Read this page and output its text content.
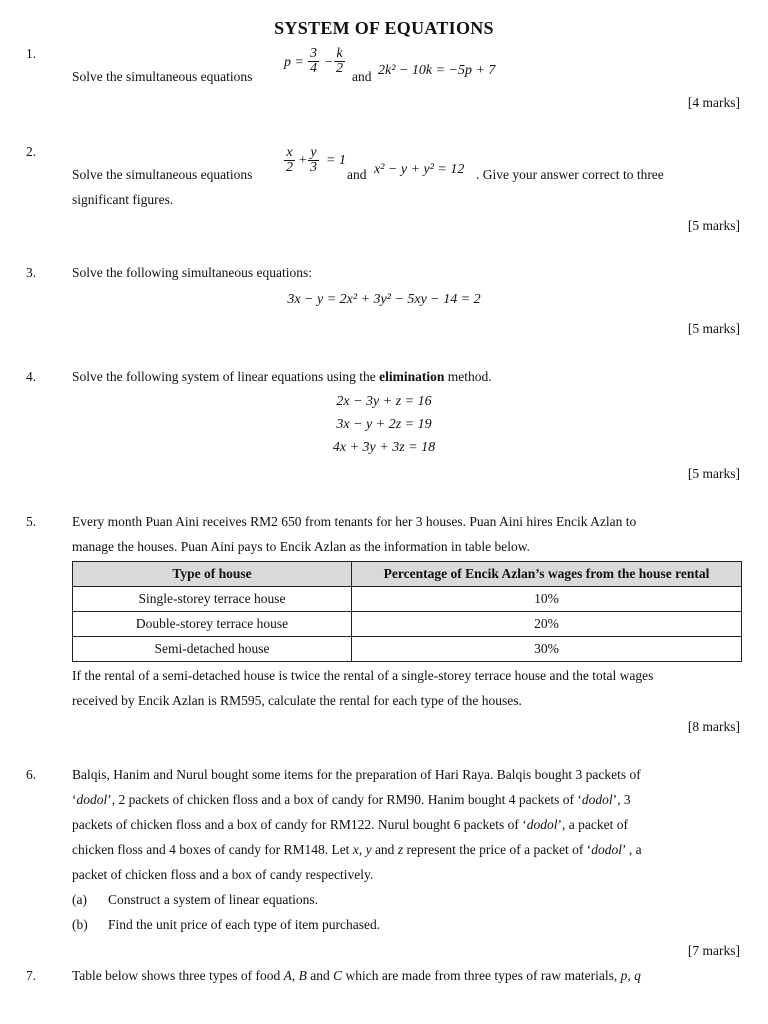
SYSTEM OF EQUATIONS
1.
Solve the simultaneous equations
$p = \frac{3}{4} - \frac{k}{2}$
and 2k² − 10k = −5p + 7
[4 marks]
2.
Solve the simultaneous equations $\frac{x}{2} + \frac{y}{3} = 1$
and x² − y + y² = 12 . Give your answer correct to three
significant figures.
[5 marks]
3.	Solve the following simultaneous equations:
3x − y = 2x² + 3y² − 5xy − 14 = 2
[5 marks]
4.	Solve the following system of linear equations using the elimination method.
2x − 3y + z = 16
3x − y + 2z = 19
4x + 3y + 3z = 18
[5 marks]
5.	Every month Puan Aini receives RM2 650 from tenants for her 3 houses. Puan Aini hires Encik Azlan to
manage the houses. Puan Aini pays to Encik Azlan as the information in table below.
Type of house	Percentage of Encik Azlan’s wages from the house rental
Single-storey terrace house	10%
Double-storey terrace house	20%
Semi-detached house	30%
If the rental of a semi-detached house is twice the rental of a single-storey terrace house and the total wages
received by Encik Azlan is RM595, calculate the rental for each type of the houses.
[8 marks]
6.	Balqis, Hanim and Nurul bought some items for the preparation of Hari Raya. Balqis bought 3 packets of
‘dodol’, 2 packets of chicken floss and a box of candy for RM90. Hanim bought 4 packets of ‘dodol’, 3
packets of chicken floss and a box of candy for RM122. Nurul bought 6 packets of ‘dodol’, a packet of
chicken floss and 4 boxes of candy for RM148. Let x, y and z represent the price of a packet of ‘dodol’ , a
packet of chicken floss and a box of candy respectively.
(a) Construct a system of linear equations.
(b) Find the unit price of each type of item purchased.
[7 marks]
7.	Table below shows three types of food A, B and C which are made from three types of raw materials, p, q
